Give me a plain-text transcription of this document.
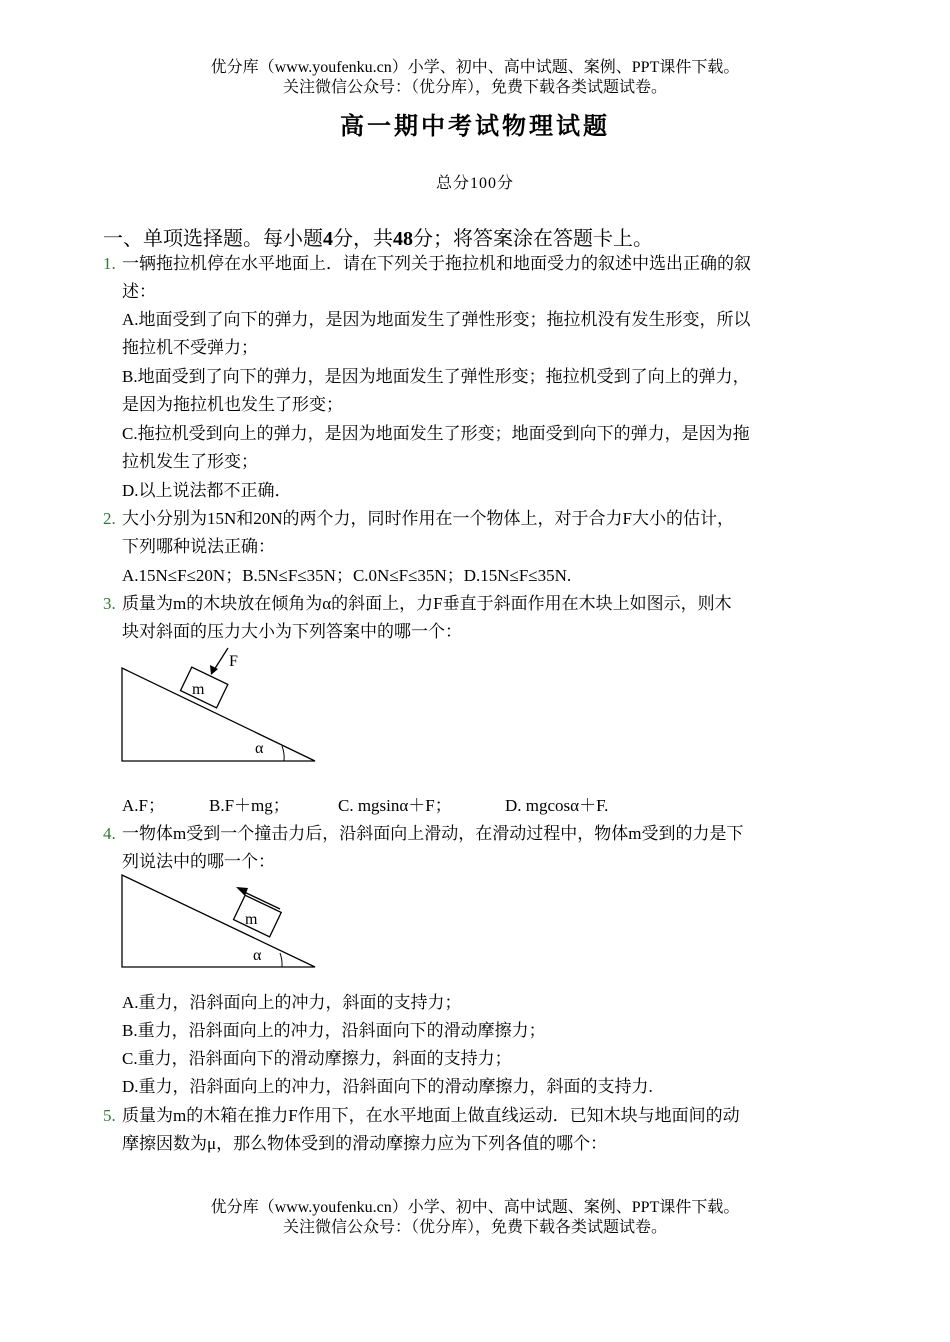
优分库（www.youfenku.cn）小学、初中、高中试题、案例、PPT课件下载。
关注微信公众号：（优分库），免费下载各类试题试卷。
高一期中考试物理试题
总分100分
一、单项选择题。每小题4分，共48分；将答案涂在答题卡上。
1. 一辆拖拉机停在水平地面上．请在下列关于拖拉机和地面受力的叙述中选出正确的叙
述：
A.地面受到了向下的弹力，是因为地面发生了弹性形变；拖拉机没有发生形变，所以
拖拉机不受弹力；
B.地面受到了向下的弹力，是因为地面发生了弹性形变；拖拉机受到了向上的弹力，
是因为拖拉机也发生了形变；
C.拖拉机受到向上的弹力，是因为地面发生了形变；地面受到向下的弹力，是因为拖
拉机发生了形变；
D.以上说法都不正确．
2. 大小分别为15N和20N的两个力，同时作用在一个物体上，对于合力F大小的估计，
下列哪种说法正确：
A.15N≤F≤20N；B.5N≤F≤35N；C.0N≤F≤35N；D.15N≤F≤35N.
3. 质量为m的木块放在倾角为α的斜面上，力F垂直于斜面作用在木块上如图示，则木
块对斜面的压力大小为下列答案中的哪一个：
F
m
α
A.F；	B.F＋mg；	C. mgsinα＋F；	D. mgcosα＋F.
4. 一物体m受到一个撞击力后，沿斜面向上滑动，在滑动过程中，物体m受到的力是下
列说法中的哪一个：
m
α
A.重力，沿斜面向上的冲力，斜面的支持力；
B.重力，沿斜面向上的冲力，沿斜面向下的滑动摩擦力；
C.重力，沿斜面向下的滑动摩擦力，斜面的支持力；
D.重力，沿斜面向上的冲力，沿斜面向下的滑动摩擦力，斜面的支持力.
5. 质量为m的木箱在推力F作用下，在水平地面上做直线运动．已知木块与地面间的动
摩擦因数为μ，那么物体受到的滑动摩擦力应为下列各值的哪个：
优分库（www.youfenku.cn）小学、初中、高中试题、案例、PPT课件下载。
关注微信公众号：（优分库），免费下载各类试题试卷。
